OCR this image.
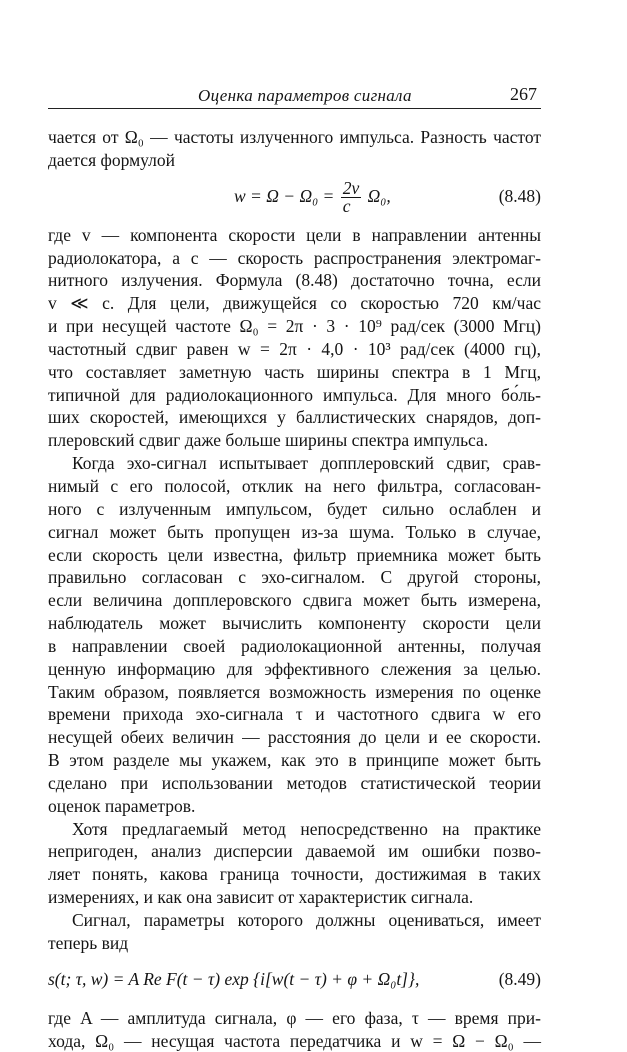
Оценка параметров сигнала	267
чается от Ω₀ — частоты излученного импульса. Разность частот
дается формулой
$w = \Omega - \Omega_0 = \frac{2v}{c} \Omega_0$,	(8.48)
где v — компонента скорости цели в направлении антенны
радиолокатора, а c — скорость распространения электромаг-
нитного излучения. Формула (8.48) достаточно точна, если
v ≪ c. Для цели, движущейся со скоростью 720 км/час
и при несущей частоте Ω₀ = 2π · 3 · 10⁹ рад/сек (3000 Мгц)
частотный сдвиг равен w = 2π · 4,0 · 10³ рад/сек (4000 гц),
что составляет заметную часть ширины спектра в 1 Мгц,
типичной для радиолокационного импульса. Для много бо́ль-
ших скоростей, имеющихся у баллистических снарядов, доп-
плеровский сдвиг даже больше ширины спектра импульса.
Когда эхо-сигнал испытывает допплеровский сдвиг, срав-
нимый с его полосой, отклик на него фильтра, согласован-
ного с излученным импульсом, будет сильно ослаблен и
сигнал может быть пропущен из-за шума. Только в случае,
если скорость цели известна, фильтр приемника может быть
правильно согласован с эхо-сигналом. С другой стороны,
если величина допплеровского сдвига может быть измерена,
наблюдатель может вычислить компоненту скорости цели
в направлении своей радиолокационной антенны, получая
ценную информацию для эффективного слежения за целью.
Таким образом, появляется возможность измерения по оценке
времени прихода эхо-сигнала τ и частотного сдвига w его
несущей обеих величин — расстояния до цели и ее скорости.
В этом разделе мы укажем, как это в принципе может быть
сделано при использовании методов статистической теории
оценок параметров.
Хотя предлагаемый метод непосредственно на практике
непригоден, анализ дисперсии даваемой им ошибки позво-
ляет понять, какова граница точности, достижимая в таких
измерениях, и как она зависит от характеристик сигнала.
Сигнал, параметры которого должны оцениваться, имеет
теперь вид
s(t; τ, w) = A Re F(t − τ) exp {i[w(t − τ) + φ + Ω₀t]},	(8.49)
где A — амплитуда сигнала, φ — его фаза, τ — время при-
хода, Ω₀ — несущая частота передатчика и w = Ω − Ω₀ —
